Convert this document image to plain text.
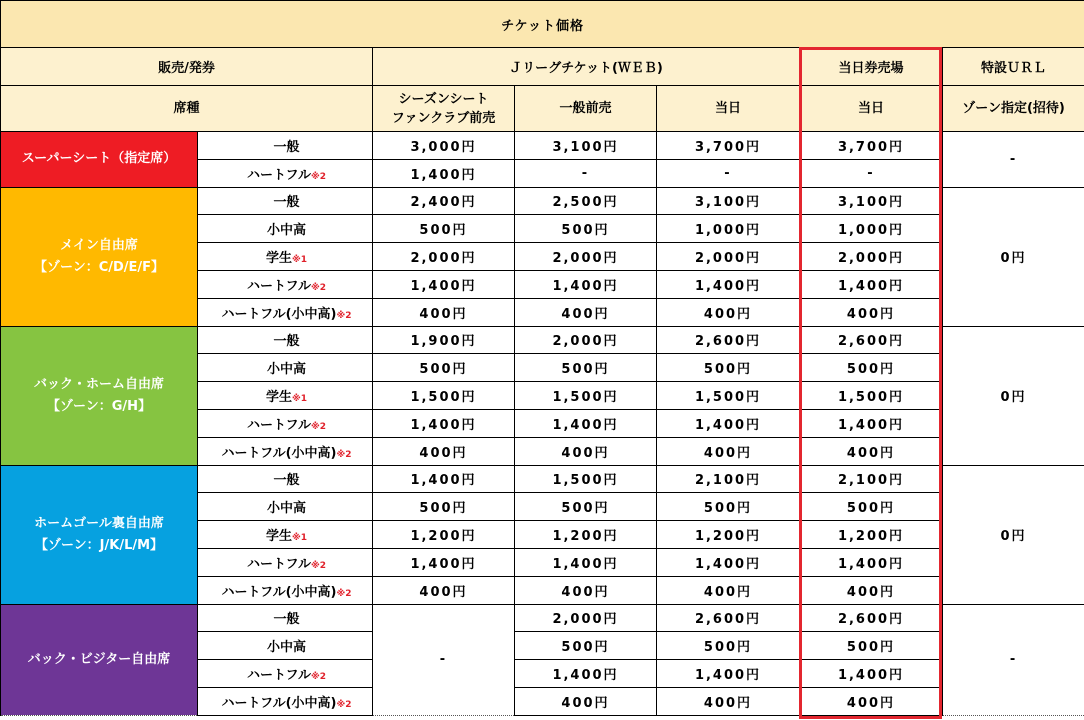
チケット価格						
販売/発券		Ｊリーグチケット(ＷＥＢ)			当日券売場	特設ＵＲＬ
席種		シーズンシート
ファンクラブ前売	一般前売	当日	当日	ゾーン指定(招待)

スーパーシート（指定席）	一般	3,000円	3,100円	3,700円	3,700円	-
	ハートフル※2	1,400円	-	-	-	

メイン自由席
【ゾーン：C/D/E/F】	一般	2,400円	2,500円	3,100円	3,100円	0円
	小中高	500円	500円	1,000円	1,000円	
	学生※1	2,000円	2,000円	2,000円	2,000円	
	ハートフル※2	1,400円	1,400円	1,400円	1,400円	
	ハートフル(小中高)※2	400円	400円	400円	400円	

バック・ホーム自由席
【ゾーン：G/H】	一般	1,900円	2,000円	2,600円	2,600円	0円
	小中高	500円	500円	500円	500円	
	学生※1	1,500円	1,500円	1,500円	1,500円	
	ハートフル※2	1,400円	1,400円	1,400円	1,400円	
	ハートフル(小中高)※2	400円	400円	400円	400円	

ホームゴール裏自由席
【ゾーン：J/K/L/M】	一般	1,400円	1,500円	2,100円	2,100円	0円
	小中高	500円	500円	500円	500円	
	学生※1	1,200円	1,200円	1,200円	1,200円	
	ハートフル※2	1,400円	1,400円	1,400円	1,400円	
	ハートフル(小中高)※2	400円	400円	400円	400円	

バック・ビジター自由席	一般	-	2,000円	2,600円	2,600円	-
	小中高		500円	500円	500円	
	ハートフル※2		1,400円	1,400円	1,400円	
	ハートフル(小中高)※2		400円	400円	400円	
